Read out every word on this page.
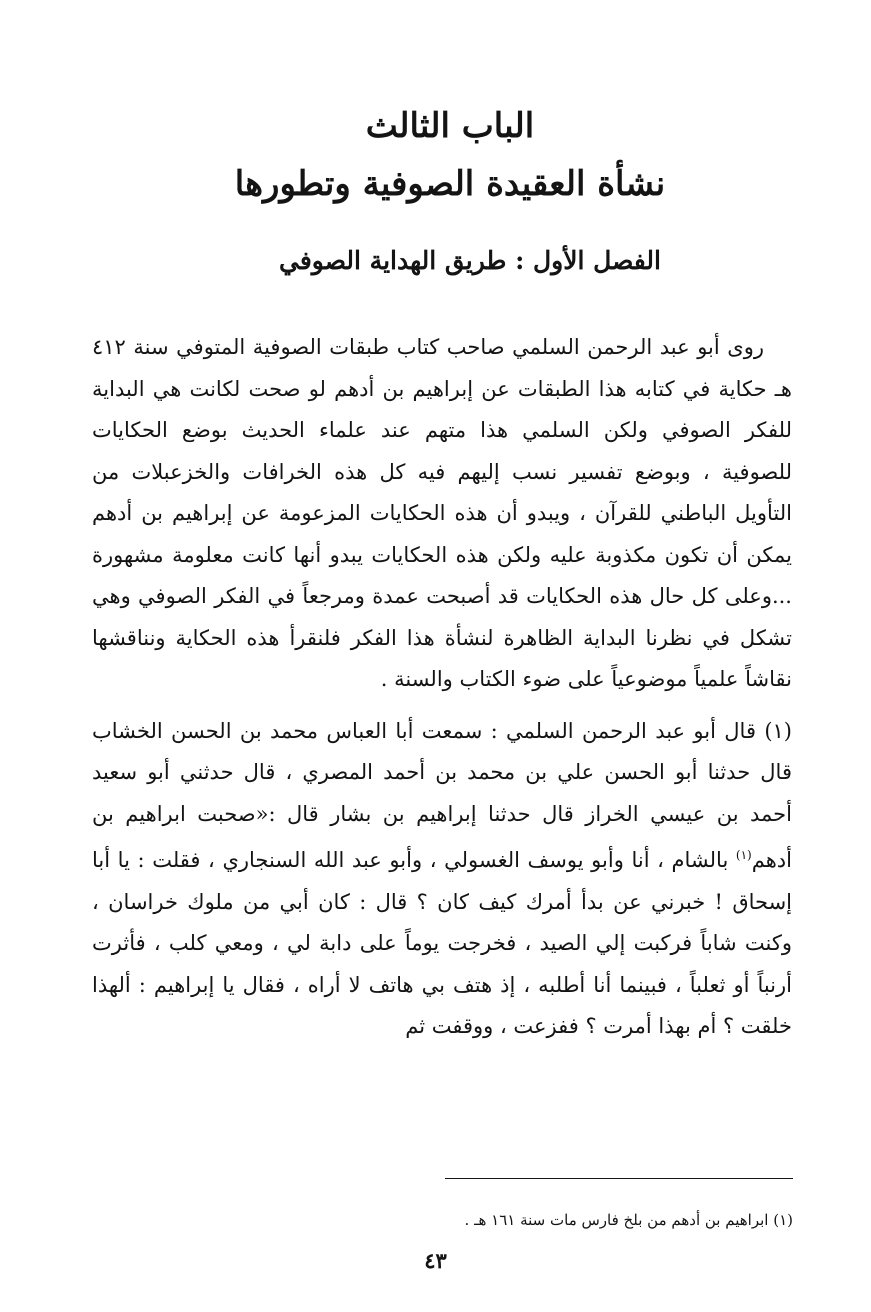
الباب الثالث
نشأة العقيدة الصوفية وتطورها
الفصل الأول : طريق الهداية الصوفي

روى أبو عبد الرحمن السلمي صاحب كتاب طبقات الصوفية المتوفي سنة ٤١٢ هـ حكاية في كتابه هذا الطبقات عن إبراهيم بن أدهم لو صحت لكانت هي البداية للفكر الصوفي ولكن السلمي هذا متهم عند علماء الحديث بوضع الحكايات للصوفية ، وبوضع تفسير نسب إليهم فيه كل هذه الخرافات والخزعبلات من التأويل الباطني للقرآن ، ويبدو أن هذه الحكايات المزعومة عن إبراهيم بن أدهم يمكن أن تكون مكذوبة عليه ولكن هذه الحكايات يبدو أنها كانت معلومة مشهورة ...وعلى كل حال هذه الحكايات قد أصبحت عمدة ومرجعاً في الفكر الصوفي وهي تشكل في نظرنا البداية الظاهرة لنشأة هذا الفكر فلنقرأ هذه الحكاية ونناقشها نقاشاً علمياً موضوعياً على ضوء الكتاب والسنة .

(١) قال أبو عبد الرحمن السلمي : سمعت أبا العباس محمد بن الحسن الخشاب قال حدثنا أبو الحسن علي بن محمد بن أحمد المصري ، قال حدثني أبو سعيد أحمد بن عيسي الخراز قال حدثنا إبراهيم بن بشار قال :«صحبت ابراهيم بن أدهم$^{(١)}$ بالشام ، أنا وأبو يوسف الغسولي ، وأبو عبد الله السنجاري ، فقلت : يا أبا إسحاق ! خبرني عن بدأ أمرك كيف كان ؟ قال : كان أبي من ملوك خراسان ، وكنت شاباً فركبت إلي الصيد ، فخرجت يوماً على دابة لي ، ومعي كلب ، فأثرت أرنباً أو ثعلباً ، فبينما أنا أطلبه ، إذ هتف بي هاتف لا أراه ، فقال يا إبراهيم : ألهذا خلقت ؟ أم بهذا أمرت ؟ ففزعت ، ووقفت ثم

(١) ابراهيم بن أدهم من بلخ فارس مات سنة ١٦١ هـ .
٤٣
